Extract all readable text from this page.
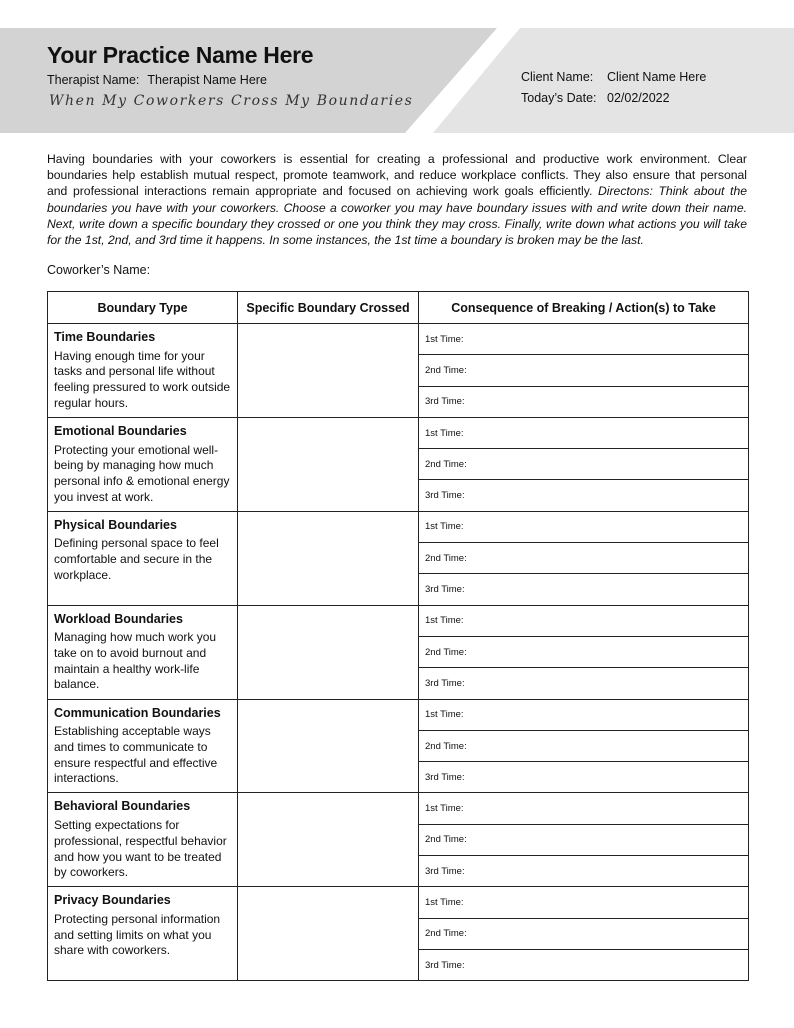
Your Practice Name Here
Therapist Name: Therapist Name Here
When My Coworkers Cross My Boundaries
Client Name: Client Name Here
Today’s Date: 02/02/2022
Having boundaries with your coworkers is essential for creating a professional and productive work environment. Clear boundaries help establish mutual respect, promote teamwork, and reduce workplace conflicts. They also ensure that personal and professional interactions remain appropriate and focused on achieving work goals efficiently. Directons: Think about the boundaries you have with your coworkers. Choose a coworker you may have boundary issues with and write down their name. Next, write down a specific boundary they crossed or one you think they may cross. Finally, write down what actions you will take for the 1st, 2nd, and 3rd time it happens. In some instances, the 1st time a boundary is broken may be the last.
Coworker’s Name:
Boundary Type	Specific Boundary Crossed	Consequence of Breaking / Action(s) to Take

Time Boundaries
Having enough time for your tasks and personal life without feeling pressured to work outside regular hours.		1st Time:
		2nd Time:
		3rd Time:

Emotional Boundaries
Protecting your emotional well-being by managing how much personal info & emotional energy you invest at work.		1st Time:
		2nd Time:
		3rd Time:

Physical Boundaries
Defining personal space to feel comfortable and secure in the workplace.		1st Time:
		2nd Time:
		3rd Time:

Workload Boundaries
Managing how much work you take on to avoid burnout and maintain a healthy work-life balance.		1st Time:
		2nd Time:
		3rd Time:

Communication Boundaries
Establishing acceptable ways and times to communicate to ensure respectful and effective interactions.		1st Time:
		2nd Time:
		3rd Time:

Behavioral Boundaries
Setting expectations for professional, respectful behavior and how you want to be treated by coworkers.		1st Time:
		2nd Time:
		3rd Time:

Privacy Boundaries
Protecting personal information and setting limits on what you share with coworkers.		1st Time:
		2nd Time:
		3rd Time:
